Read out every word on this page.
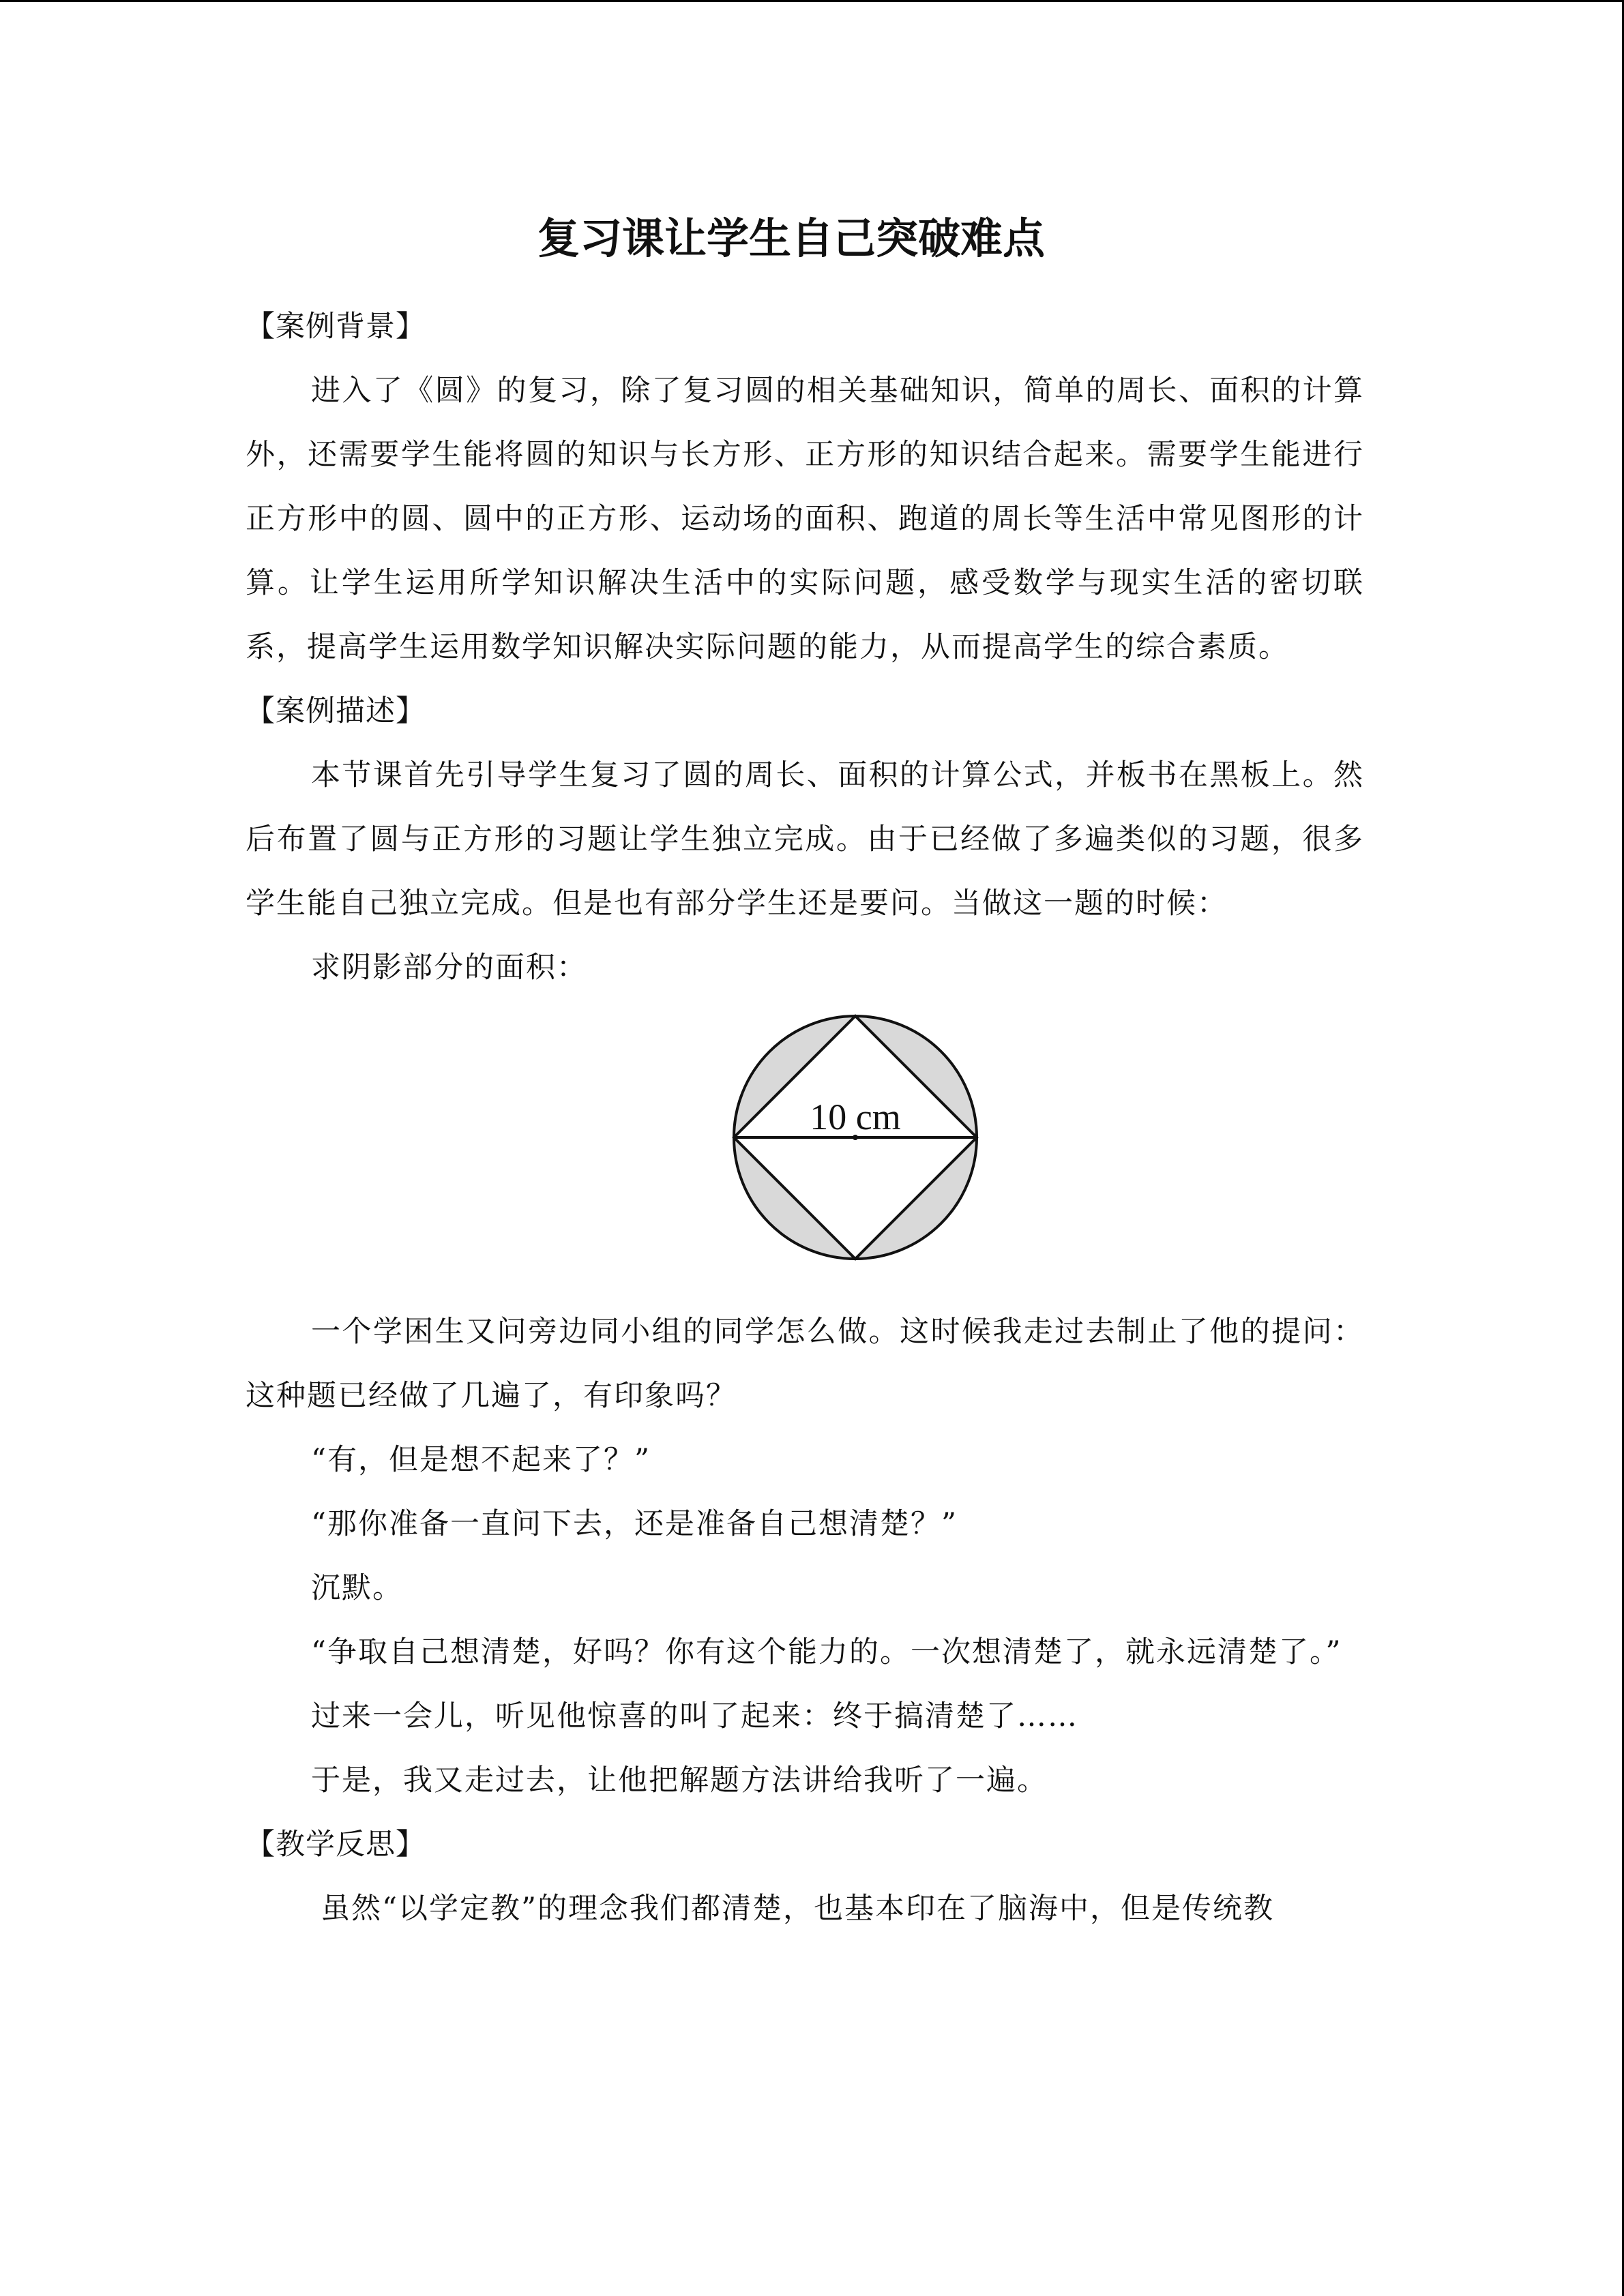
复习课让学生自己突破难点

【案例背景】

进入了《圆》的复习，除了复习圆的相关基础知识，简单的周长、面积的计算外，还需要学生能将圆的知识与长方形、正方形的知识结合起来。需要学生能进行正方形中的圆、圆中的正方形、运动场的面积、跑道的周长等生活中常见图形的计算。让学生运用所学知识解决生活中的实际问题，感受数学与现实生活的密切联系，提高学生运用数学知识解决实际问题的能力，从而提高学生的综合素质。

【案例描述】

本节课首先引导学生复习了圆的周长、面积的计算公式，并板书在黑板上。然后布置了圆与正方形的习题让学生独立完成。由于已经做了多遍类似的习题，很多学生能自己独立完成。但是也有部分学生还是要问。当做这一题的时候：

求阴影部分的面积：

10 cm

一个学困生又问旁边同小组的同学怎么做。这时候我走过去制止了他的提问：这种题已经做了几遍了，有印象吗？

“有，但是想不起来了？”

“那你准备一直问下去，还是准备自己想清楚？”

沉默。

“争取自己想清楚，好吗？你有这个能力的。一次想清楚了，就永远清楚了。”

过来一会儿，听见他惊喜的叫了起来：终于搞清楚了……

于是，我又走过去，让他把解题方法讲给我听了一遍。

【教学反思】

虽然“以学定教”的理念我们都清楚，也基本印在了脑海中，但是传统教
